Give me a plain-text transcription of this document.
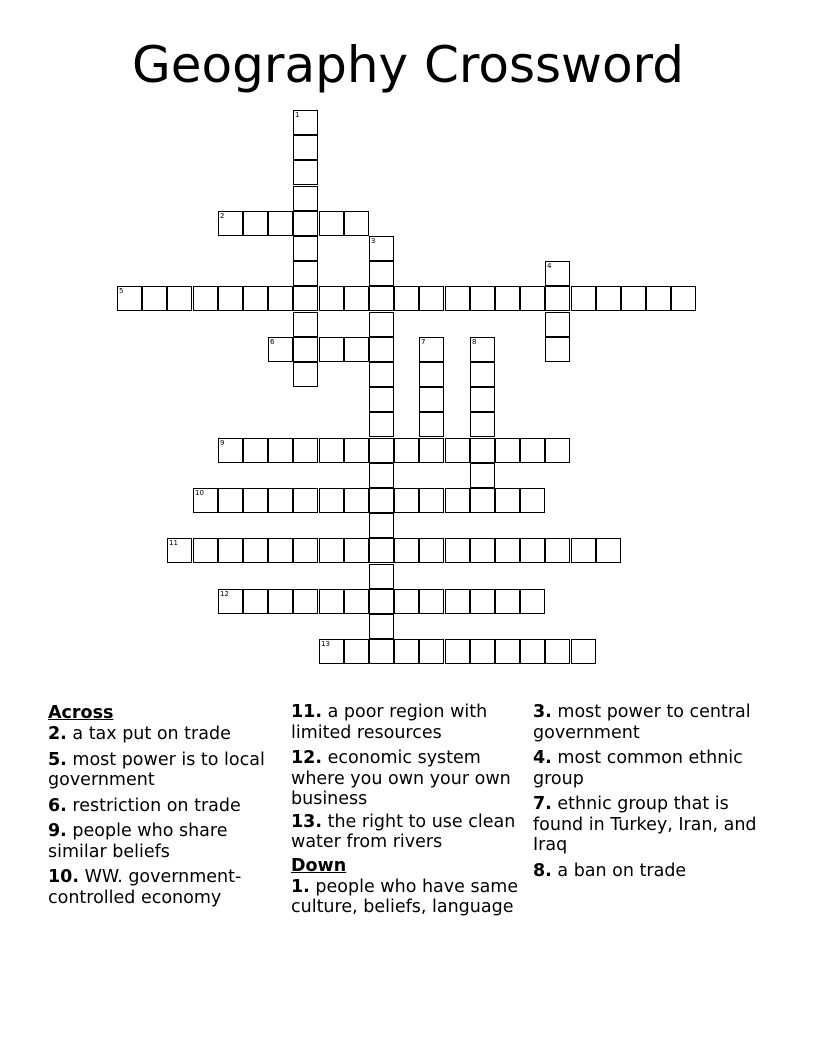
Geography Crossword
1
2
3
4
5
6	7	8
9
10
11
12
13
Across
2. a tax put on trade
5. most power is to local government
6. restriction on trade
9. people who share similar beliefs
10. WW. government-controlled economy
11. a poor region with limited resources
12. economic system where you own your own business
13. the right to use clean water from rivers
Down
1. people who have same culture, beliefs, language
3. most power to central government
4. most common ethnic group
7. ethnic group that is found in Turkey, Iran, and Iraq
8. a ban on trade
